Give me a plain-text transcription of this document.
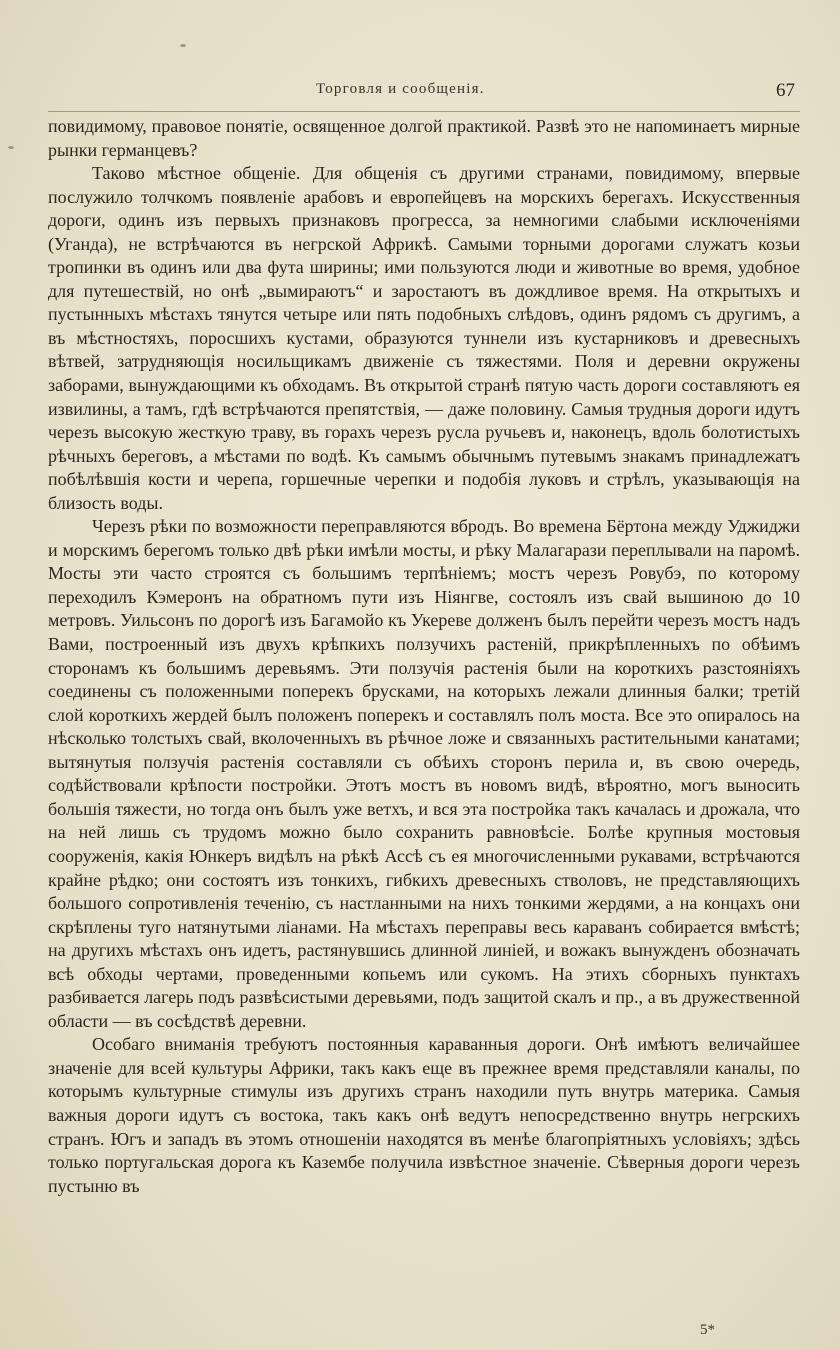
Торговля и сообщенія.	67

повидимому, правовое понятіе, освященное долгой практикой. Развѣ это не напоминаетъ мирные рынки германцевъ?

Таково мѣстное общеніе. Для общенія съ другими странами, повидимому, впервые послужило толчкомъ появленіе арабовъ и европейцевъ на морскихъ берегахъ. Искусственныя дороги, одинъ изъ первыхъ признаковъ прогресса, за немногими слабыми исключеніями (Уганда), не встрѣчаются въ негрской Африкѣ. Самыми торными дорогами служатъ козьи тропинки въ одинъ или два фута ширины; ими пользуются люди и животные во время, удобное для путешествій, но онѣ „вымираютъ“ и заростаютъ въ дождливое время. На открытыхъ и пустынныхъ мѣстахъ тянутся четыре или пять подобныхъ слѣдовъ, одинъ рядомъ съ другимъ, а въ мѣстностяхъ, поросшихъ кустами, образуются туннели изъ кустарниковъ и древесныхъ вѣтвей, затрудняющія носильщикамъ движеніе съ тяжестями. Поля и деревни окружены заборами, вынуждающими къ обходамъ. Въ открытой странѣ пятую часть дороги составляютъ ея извилины, а тамъ, гдѣ встрѣчаются препятствія, — даже половину. Самыя трудныя дороги идутъ черезъ высокую жесткую траву, въ горахъ черезъ русла ручьевъ и, наконецъ, вдоль болотистыхъ рѣчныхъ береговъ, а мѣстами по водѣ. Къ самымъ обычнымъ путевымъ знакамъ принадлежатъ побѣлѣвшія кости и черепа, горшечные черепки и подобія луковъ и стрѣлъ, указывающія на близость воды.

Черезъ рѣки по возможности переправляются вбродъ. Во времена Бёртона между Уджиджи и морскимъ берегомъ только двѣ рѣки имѣли мосты, и рѣку Малагарази переплывали на паромѣ. Мосты эти часто строятся съ большимъ терпѣніемъ; мостъ черезъ Ровубэ, по которому переходилъ Кэмеронъ на обратномъ пути изъ Ніянгве, состоялъ изъ свай вышиною до 10 метровъ. Уильсонъ по дорогѣ изъ Багамойо къ Укереве долженъ былъ перейти черезъ мостъ надъ Вами, построенный изъ двухъ крѣпкихъ ползучихъ растеній, прикрѣпленныхъ по обѣимъ сторонамъ къ большимъ деревьямъ. Эти ползучія растенія были на короткихъ разстояніяхъ соединены съ положенными поперекъ брусками, на которыхъ лежали длинныя балки; третій слой короткихъ жердей былъ положенъ поперекъ и составлялъ полъ моста. Все это опиралось на нѣсколько толстыхъ свай, вколоченныхъ въ рѣчное ложе и связанныхъ растительными канатами; вытянутыя ползучія растенія составляли съ обѣихъ сторонъ перила и, въ свою очередь, содѣйствовали крѣпости постройки. Этотъ мостъ въ новомъ видѣ, вѣроятно, могъ выносить большія тяжести, но тогда онъ былъ уже ветхъ, и вся эта постройка такъ качалась и дрожала, что на ней лишь съ трудомъ можно было сохранить равновѣсіе. Болѣе крупныя мостовыя сооруженія, какія Юнкеръ видѣлъ на рѣкѣ Ассѣ съ ея многочисленными рукавами, встрѣчаются крайне рѣдко; они состоятъ изъ тонкихъ, гибкихъ древесныхъ стволовъ, не представляющихъ большого сопротивленія теченію, съ настланными на нихъ тонкими жердями, а на концахъ они скрѣплены туго натянутыми ліанами. На мѣстахъ переправы весь караванъ собирается вмѣстѣ; на другихъ мѣстахъ онъ идетъ, растянувшись длинной линіей, и вожакъ вынужденъ обозначать всѣ обходы чертами, проведенными копьемъ или сукомъ. На этихъ сборныхъ пунктахъ разбивается лагерь подъ развѣсистыми деревьями, подъ защитой скалъ и пр., а въ дружественной области — въ сосѣдствѣ деревни.

Особаго вниманія требуютъ постоянныя караванныя дороги. Онѣ имѣютъ величайшее значеніе для всей культуры Африки, такъ какъ еще въ прежнее время представляли каналы, по которымъ культурные стимулы изъ другихъ странъ находили путь внутрь материка. Самыя важныя дороги идутъ съ востока, такъ какъ онѣ ведутъ непосредственно внутрь негрскихъ странъ. Югъ и западъ въ этомъ отношеніи находятся въ менѣе благопріятныхъ условіяхъ; здѣсь только португальская дорога къ Казембе получила извѣстное значеніе. Сѣверныя дороги черезъ пустыню въ

5*
